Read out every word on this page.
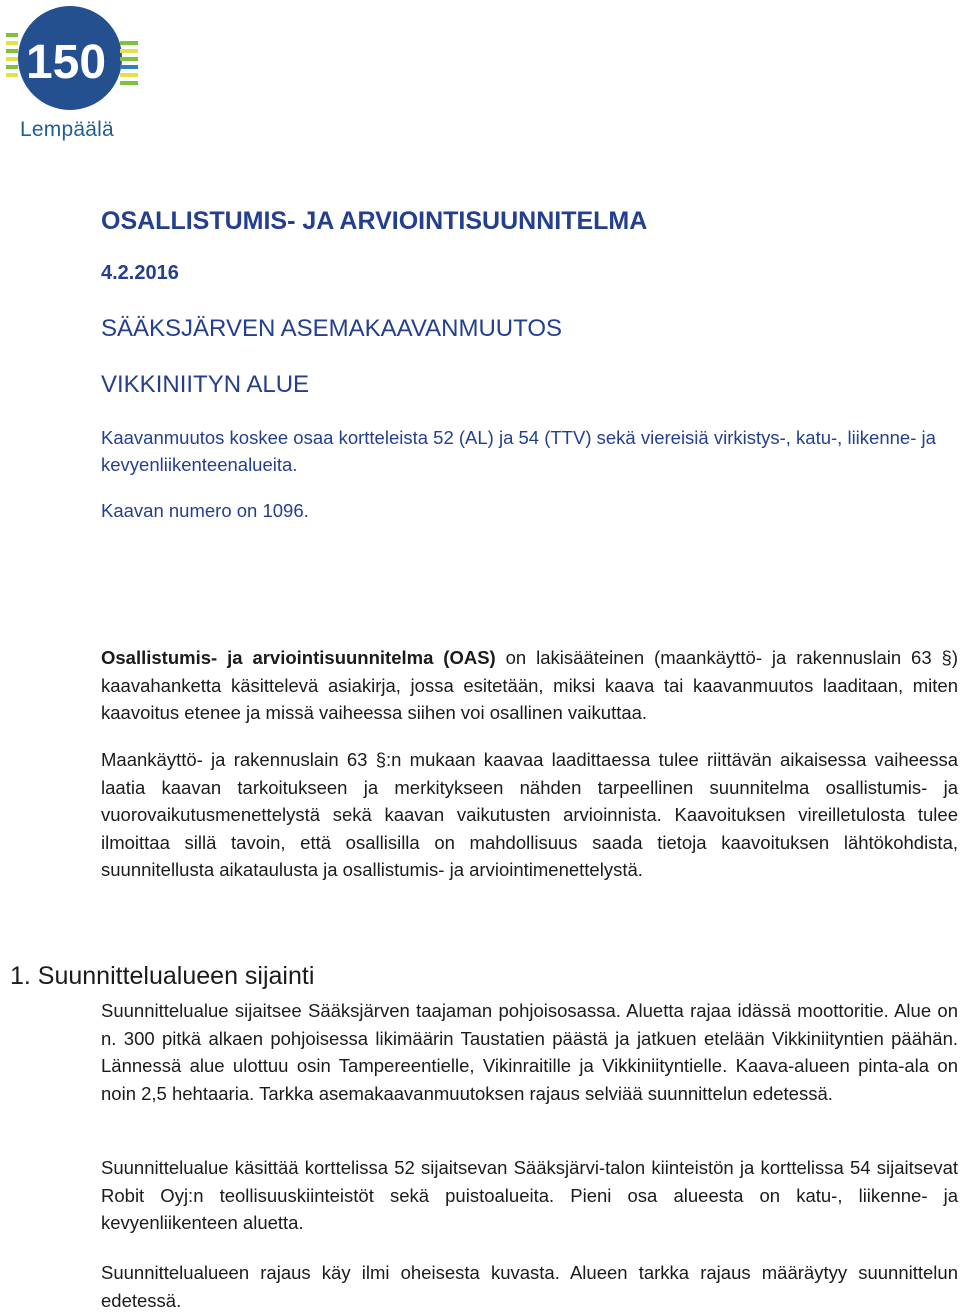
150
Lempäälä
OSALLISTUMIS- JA ARVIOINTISUUNNITELMA
4.2.2016
SÄÄKSJÄRVEN ASEMAKAAVANMUUTOS
VIKKINIITYN ALUE
Kaavanmuutos koskee osaa kortteleista 52 (AL) ja 54 (TTV) sekä viereisiä virkistys-, katu-, liikenne- ja kevyenliikenteenalueita.
Kaavan numero on 1096.
Osallistumis- ja arviointisuunnitelma (OAS) on lakisääteinen (maankäyttö- ja rakennuslain 63 §) kaavahanketta käsittelevä asiakirja, jossa esitetään, miksi kaava tai kaavanmuutos laaditaan, miten kaavoitus etenee ja missä vaiheessa siihen voi osallinen vaikuttaa.
Maankäyttö- ja rakennuslain 63 §:n mukaan kaavaa laadittaessa tulee riittävän aikaisessa vaiheessa laatia kaavan tarkoitukseen ja merkitykseen nähden tarpeellinen suunnitelma osallistumis- ja vuorovaikutusmenettelystä sekä kaavan vaikutusten arvioinnista. Kaavoituksen vireilletulosta tulee ilmoittaa sillä tavoin, että osallisilla on mahdollisuus saada tietoja kaavoituksen lähtökohdista, suunnitellusta aikataulusta ja osallistumis- ja arviointimenettelystä.
1. Suunnittelualueen sijainti
Suunnittelualue sijaitsee Sääksjärven taajaman pohjoisosassa. Aluetta rajaa idässä moottoritie. Alue on n. 300 pitkä alkaen pohjoisessa likimäärin Taustatien päästä ja jatkuen etelään Vikkiniityntien päähän. Lännessä alue ulottuu osin Tampereentielle, Vikinraitille ja Vikkiniityntielle. Kaava-alueen pinta-ala on noin 2,5 hehtaaria. Tarkka asemakaavanmuutoksen rajaus selviää suunnittelun edetessä.
Suunnittelualue käsittää korttelissa 52 sijaitsevan Sääksjärvi-talon kiinteistön ja korttelissa 54 sijaitsevat Robit Oyj:n teollisuuskiinteistöt sekä puistoalueita. Pieni osa alueesta on katu-, liikenne- ja kevyenliikenteen aluetta.
Suunnittelualueen rajaus käy ilmi oheisesta kuvasta. Alueen tarkka rajaus määräytyy suunnittelun edetessä.
